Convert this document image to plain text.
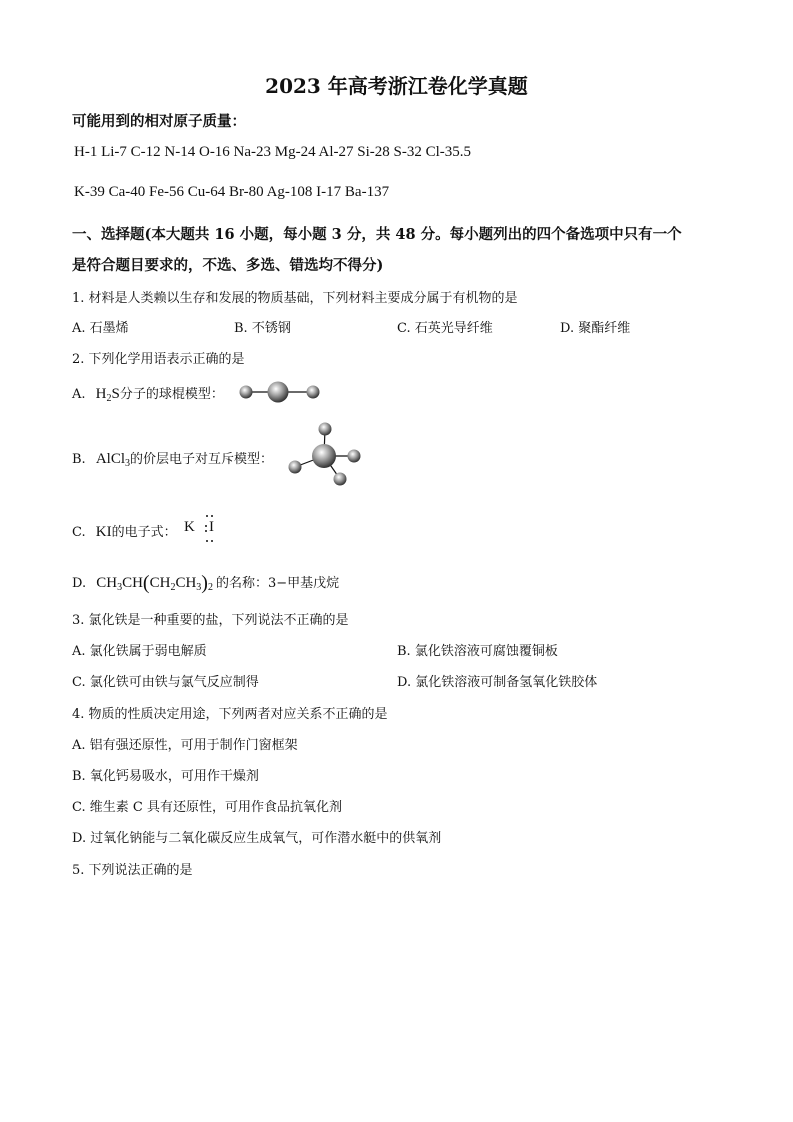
2023 年高考浙江卷化学真题
可能用到的相对原子质量：
H-1 Li-7 C-12 N-14 O-16 Na-23 Mg-24 Al-27 Si-28 S-32 Cl-35.5
K-39 Ca-40 Fe-56 Cu-64 Br-80 Ag-108 I-17 Ba-137
一、选择题(本大题共 16 小题，每小题 3 分，共 48 分。每小题列出的四个备选项中只有一个
是符合题目要求的，不选、多选、错选均不得分)
1. 材料是人类赖以生存和发展的物质基础，下列材料主要成分属于有机物的是
A. 石墨烯	B. 不锈钢	C. 石英光导纤维	D. 聚酯纤维
2. 下列化学用语表示正确的是
A. $H_2S$分子的球棍模型：
B. AlCl$_3$的价层电子对互斥模型：
C. KI的电子式： K I
D. $CH_3CH(CH_2CH_3)_2$ 的名称：3−甲基戊烷
3. 氯化铁是一种重要的盐，下列说法不正确的是
A. 氯化铁属于弱电解质	B. 氯化铁溶液可腐蚀覆铜板
C. 氯化铁可由铁与氯气反应制得	D. 氯化铁溶液可制备氢氧化铁胶体
4. 物质的性质决定用途，下列两者对应关系不正确的是
A. 铝有强还原性，可用于制作门窗框架
B. 氧化钙易吸水，可用作干燥剂
C. 维生素 C 具有还原性，可用作食品抗氧化剂
D. 过氧化钠能与二氧化碳反应生成氧气，可作潜水艇中的供氧剂
5. 下列说法正确的是
